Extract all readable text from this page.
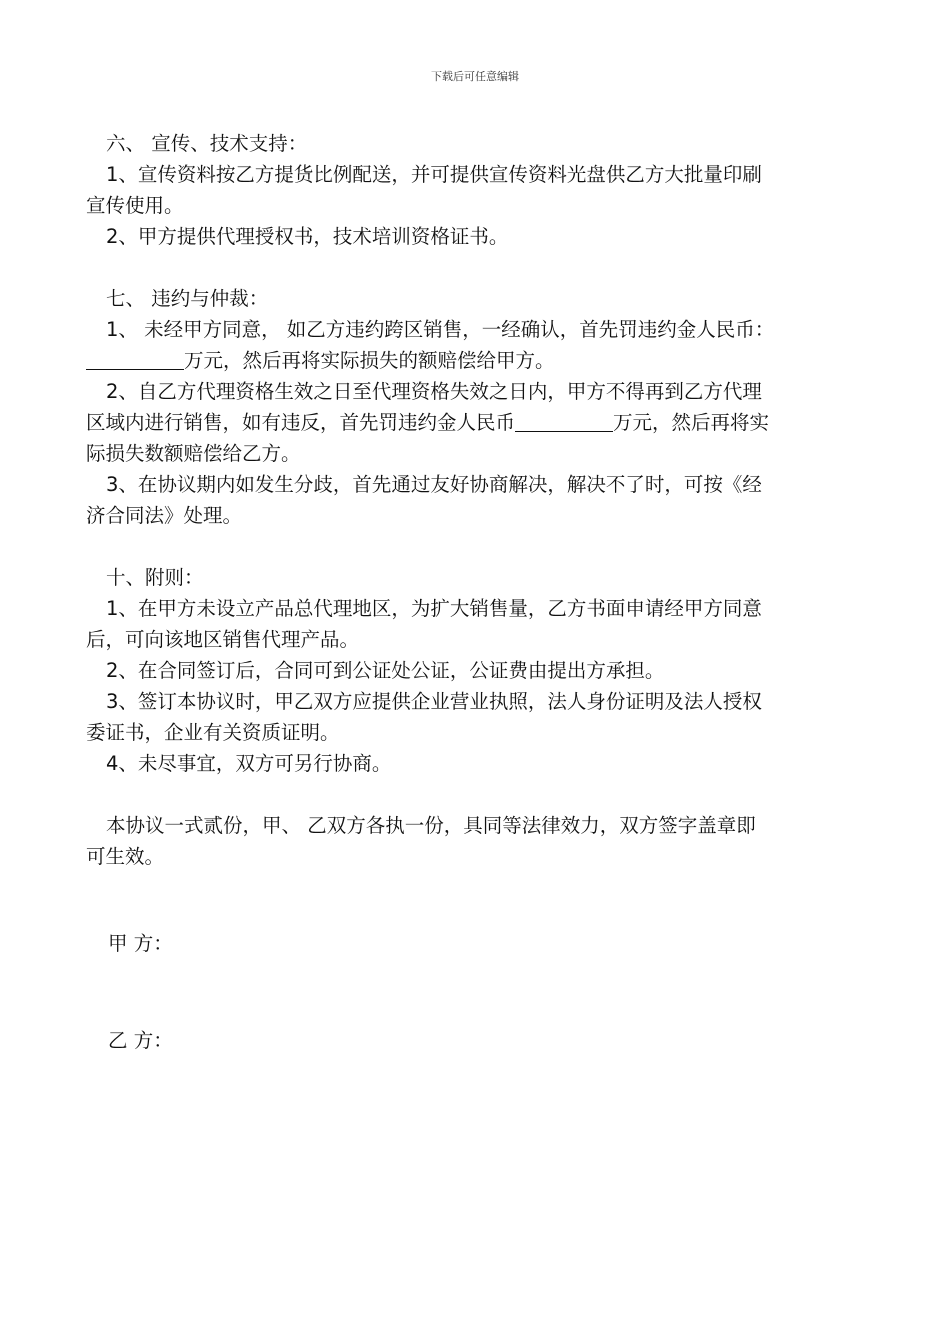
下载后可任意编辑
六、 宣传、技术支持：
1、宣传资料按乙方提货比例配送，并可提供宣传资料光盘供乙方大批量印刷
宣传使用。
2、甲方提供代理授权书，技术培训资格证书。
七、 违约与仲裁：
1、 未经甲方同意， 如乙方违约跨区销售，一经确认，首先罚违约金人民币：
万元，然后再将实际损失的额赔偿给甲方。
2、自乙方代理资格生效之日至代理资格失效之日内，甲方不得再到乙方代理
区域内进行销售，如有违反，首先罚违约金人民币	万元，然后再将实
际损失数额赔偿给乙方。
3、在协议期内如发生分歧，首先通过友好协商解决，解决不了时，可按《经
济合同法》处理。
十、附则：
1、在甲方未设立产品总代理地区，为扩大销售量，乙方书面申请经甲方同意
后，可向该地区销售代理产品。
2、在合同签订后，合同可到公证处公证，公证费由提出方承担。
3、签订本协议时，甲乙双方应提供企业营业执照，法人身份证明及法人授权
委证书，企业有关资质证明。
4、未尽事宜，双方可另行协商。
本协议一式贰份，甲、 乙双方各执一份，具同等法律效力，双方签字盖章即
可生效。
甲 方：
乙 方：
